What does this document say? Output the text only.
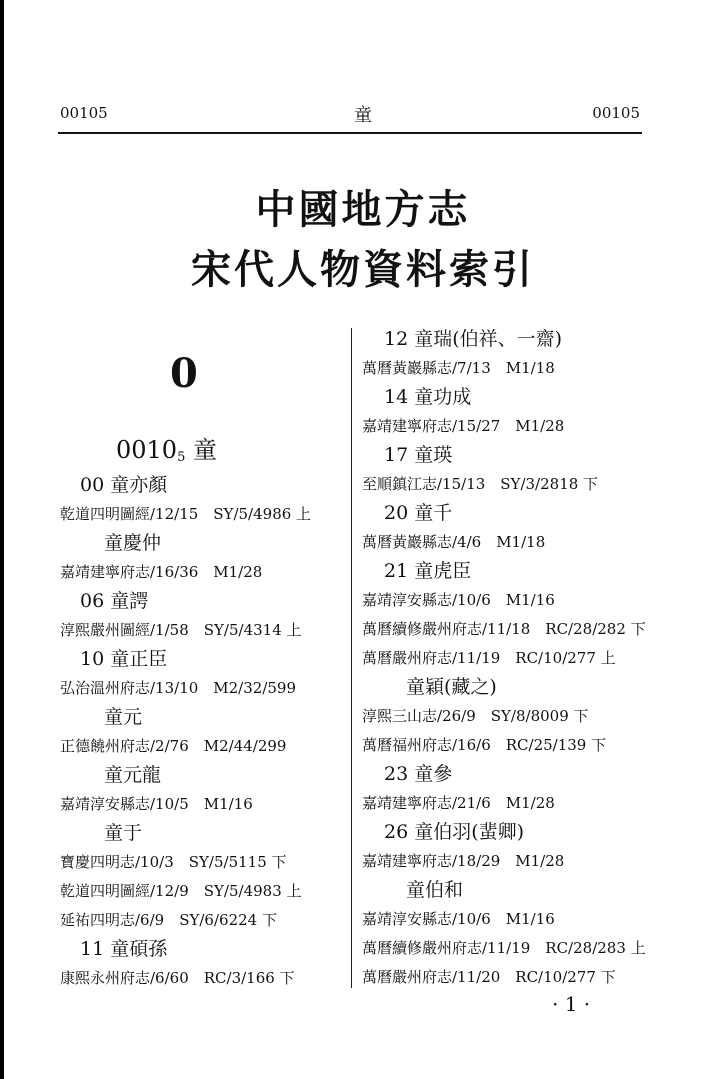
00105	童	00105
中國地方志
宋代人物資料索引
0
$0010_5$ 童
00 童亦顏
乾道四明圖經/12/15　SY/5/4986 上
童慶仲
嘉靖建寧府志/16/36　M1/28
06 童諤
淳熙嚴州圖經/1/58　SY/5/4314 上
10 童正臣
弘治溫州府志/13/10　M2/32/599
童元
正德饒州府志/2/76　M2/44/299
童元龍
嘉靖淳安縣志/10/5　M1/16
童于
寶慶四明志/10/3　SY/5/5115 下
乾道四明圖經/12/9　SY/5/4983 上
延祐四明志/6/9　SY/6/6224 下
11 童碩孫
康熙永州府志/6/60　RC/3/166 下
12 童瑞(伯祥、一齋)
萬曆黃巖縣志/7/13　M1/18
14 童功成
嘉靖建寧府志/15/27　M1/28
17 童瑛
至順鎮江志/15/13　SY/3/2818 下
20 童千
萬曆黃巖縣志/4/6　M1/18
21 童虎臣
嘉靖淳安縣志/10/6　M1/16
萬曆續修嚴州府志/11/18　RC/28/282 下
萬曆嚴州府志/11/19　RC/10/277 上
童穎(藏之)
淳熙三山志/26/9　SY/8/8009 下
萬曆福州府志/16/6　RC/25/139 下
23 童參
嘉靖建寧府志/21/6　M1/28
26 童伯羽(蜚卿)
嘉靖建寧府志/18/29　M1/28
童伯和
嘉靖淳安縣志/10/6　M1/16
萬曆續修嚴州府志/11/19　RC/28/283 上
萬曆嚴州府志/11/20　RC/10/277 下
· 1 ·
